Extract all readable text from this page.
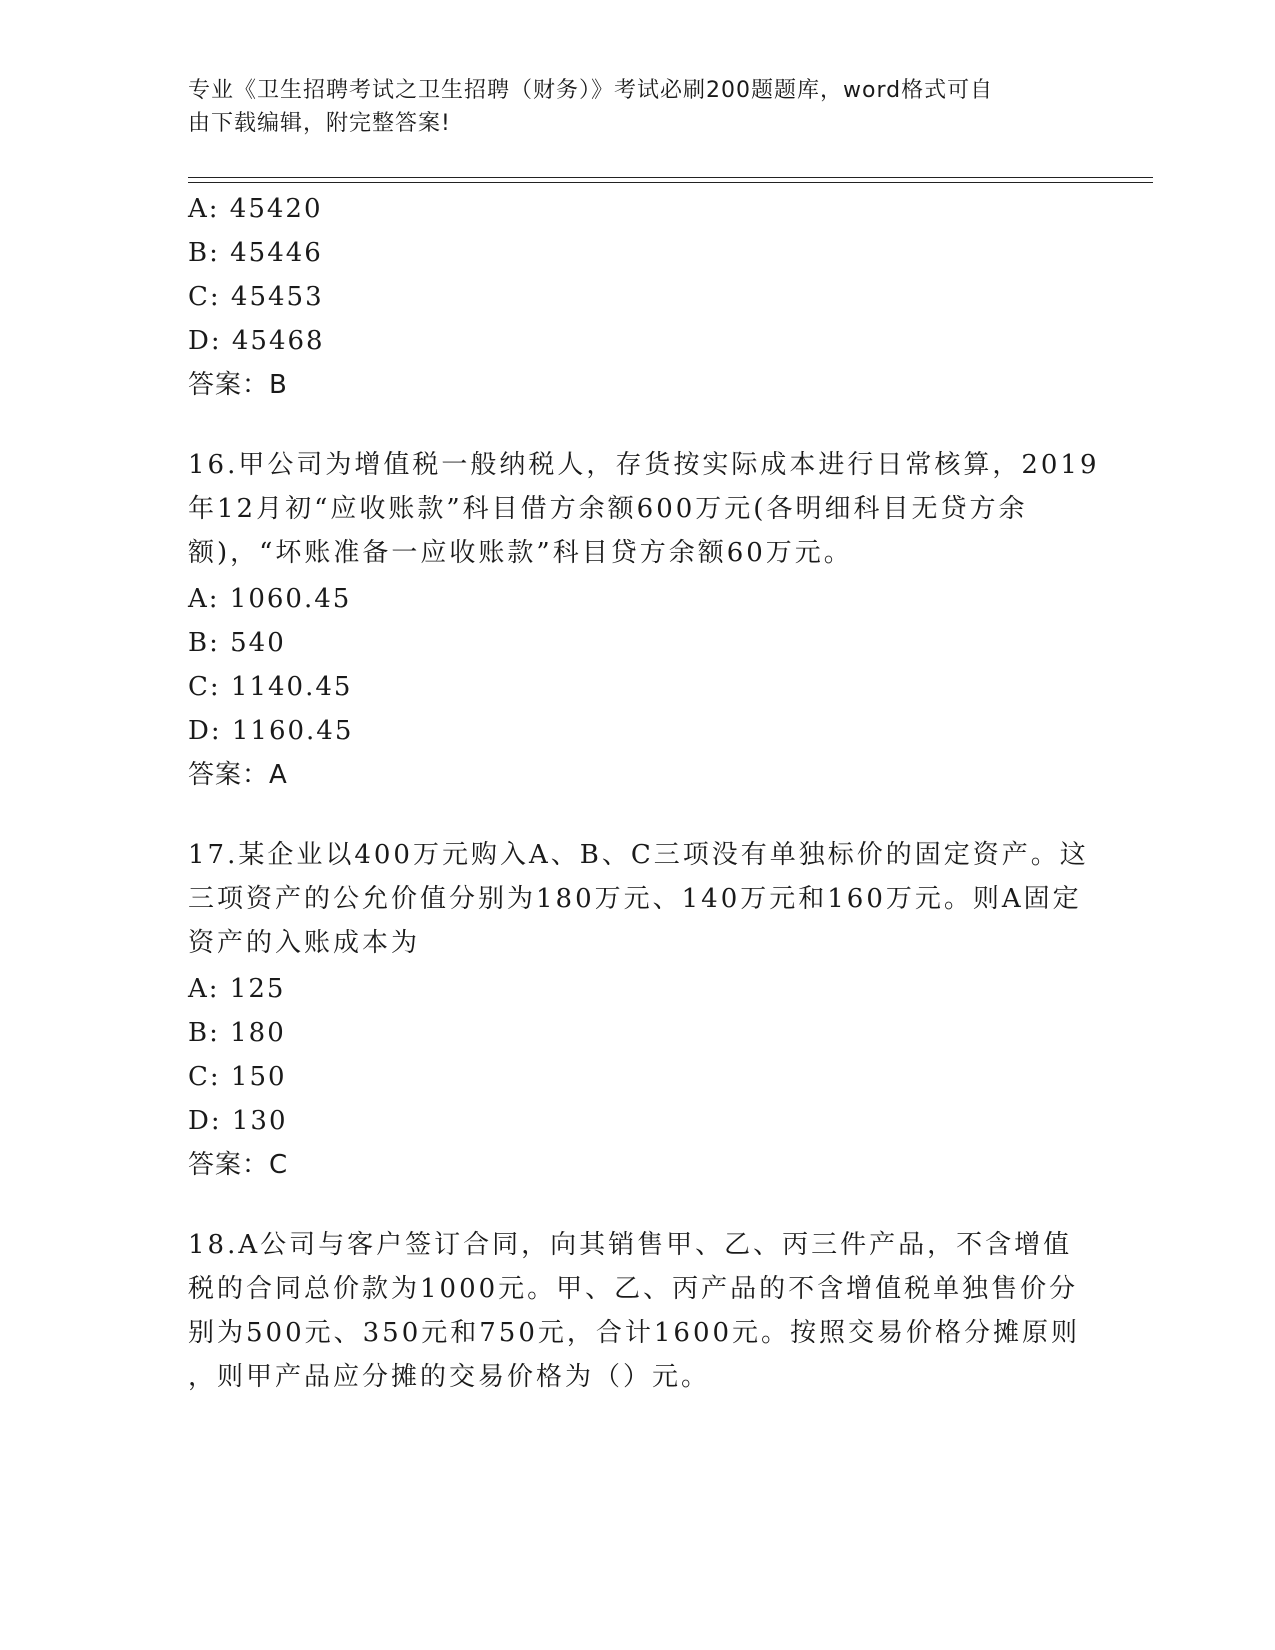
专业《卫生招聘考试之卫生招聘（财务）》考试必刷200题题库，word格式可自
由下载编辑，附完整答案!
A: 45420
B: 45446
C: 45453
D: 45468
答案：B
16.甲公司为增值税一般纳税人，存货按实际成本进行日常核算，2019
年12月初“应收账款”科目借方余额600万元(各明细科目无贷方余
额)，“坏账准备一应收账款”科目贷方余额60万元。
A: 1060.45
B: 540
C: 1140.45
D: 1160.45
答案：A
17.某企业以400万元购入A、B、C三项没有单独标价的固定资产。这
三项资产的公允价值分别为180万元、140万元和160万元。则A固定
资产的入账成本为
A: 125
B: 180
C: 150
D: 130
答案：C
18.A公司与客户签订合同，向其销售甲、乙、丙三件产品，不含增值
税的合同总价款为1000元。甲、乙、丙产品的不含增值税单独售价分
别为500元、350元和750元，合计1600元。按照交易价格分摊原则
，则甲产品应分摊的交易价格为（）元。
